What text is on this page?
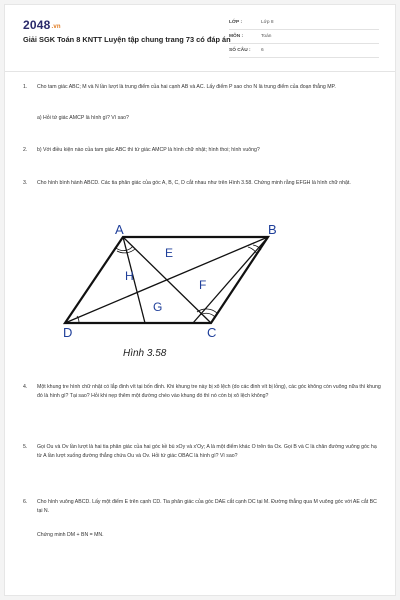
2048.vn
Giải SGK Toán 8 KNTT Luyện tập chung trang 73 có đáp án
LỚP :	Lớp 8
MÔN :	Toán
SỐ CÂU : 6
1. Cho tam giác ABC; M và N lần lượt là trung điểm của hai cạnh AB và AC. Lấy điểm P sao cho N là trung điểm của đoạn thẳng MP.
a) Hỏi tứ giác AMCP là hình gì? Vì sao?
2. b) Với điều kiện nào của tam giác ABC thì tứ giác AMCP là hình chữ nhật; hình thoi; hình vuông?
3. Cho hình bình hành ABCD. Các tia phân giác của góc A, B, C, D cắt nhau như trên Hình 3.58. Chứng minh rằng EFGH là hình chữ nhật.
A	B
C
D
E
F
G
H
Hình 3.58
4. Một khung tre hình chữ nhật có lắp đinh vít tại bốn đỉnh. Khi khung tre này bị xô lệch (do các đinh vít bị lỏng), các góc không còn vuông nữa thì khung đó là hình gì? Tại sao? Hỏi khi nẹp thêm một đường chéo vào khung đó thì nó còn bị xô lệch không?
5. Gọi Ou và Ov lần lượt là hai tia phân giác của hai góc kề bù xOy và x'Oy; A là một điểm khác O trên tia Ox. Gọi B và C là chân đường vuông góc hạ từ A lần lượt xuống đường thẳng chứa Ou và Ov. Hỏi tứ giác OBAC là hình gì? Vì sao?
6. Cho hình vuông ABCD. Lấy một điểm E trên cạnh CD. Tia phân giác của góc DAE cắt cạnh DC tại M. Đường thẳng qua M vuông góc với AE cắt BC tại N.
Chứng minh DM + BN = MN.
